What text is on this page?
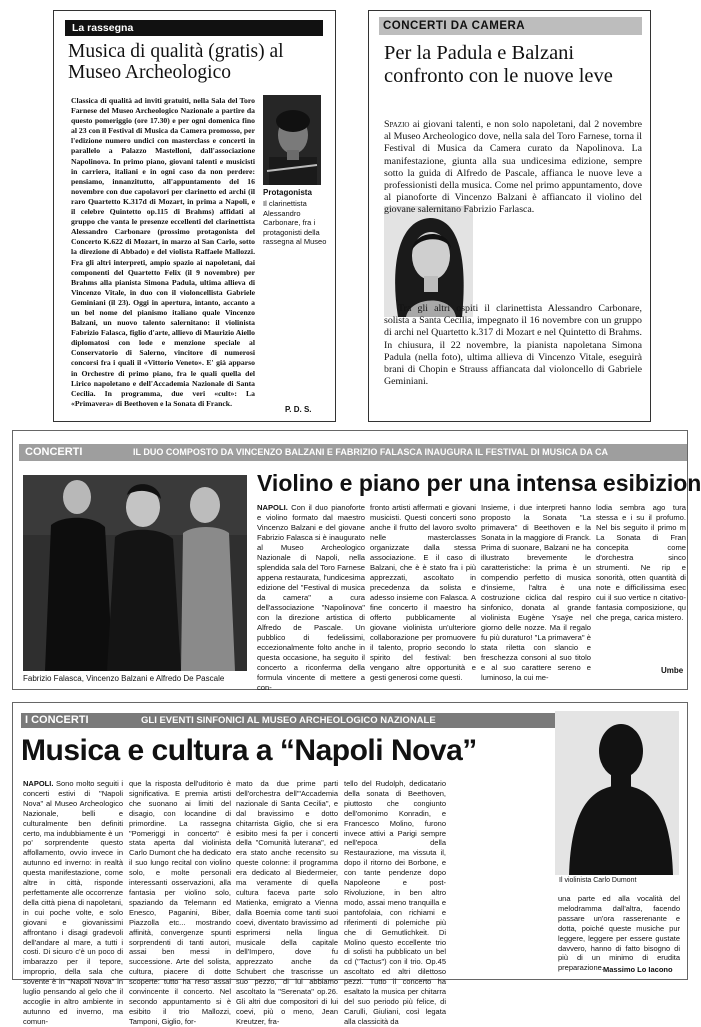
La rassegna
Musica di qualità (gratis) al Museo Archeologico
Classica di qualità ad inviti gratuiti, nella Sala del Toro Farnese del Museo Archeologico Nazionale a partire da questo pomeriggio (ore 17.30) e per ogni domenica fino al 23 con il Festival di Musica da Camera promosso, per l'edizione numero undici con masterclass e concerti in parallelo a Palazzo Mastelloni, dall'associazione Napolinova. In primo piano, giovani talenti e musicisti in carriera, italiani e in ogni caso da non perdere: pensiamo, innanzitutto, all'appuntamento del 16 novembre con due capolavori per clarinetto ed archi (il raro Quartetto K.317d di Mozart, in prima a Napoli, e il celebre Quintetto op.115 di Brahms) affidati al gruppo che vanta le presenze eccellenti del clarinettista Alessandro Carbonare (prossimo protagonista del Concerto K.622 di Mozart, in marzo al San Carlo, sotto la direzione di Abbado) e del violista Raffaele Mallozzi. Fra gli altri interpreti, ampio spazio ai napoletani, dai componenti del Quartetto Felix (il 9 novembre) per Brahms alla pianista Simona Padula, ultima allieva di Vincenzo Vitale, in duo con il violoncellista Gabriele Geminiani (il 23). Oggi in apertura, intanto, accanto a un bel nome del pianismo italiano quale Vincenzo Balzani, un nuovo talento salernitano: il violinista Fabrizio Falasca, figlio d'arte, allievo di Maurizio Aiello diplomatosi con lode e menzione speciale al Conservatorio di Salerno, vincitore di numerosi concorsi fra i quali il «Vittorio Veneto». E' già apparso in Orchestre di primo piano, fra le quali quella del Lirico napoletano e dell'Accademia Nazionale di Santa Cecilia. In programma, due veri «cult»: La «Primavera» di Beethoven e la Sonata di Franck.
Protagonista
Il clarinettista Alessandro Carbonare, fra i protagonisti della rassegna al Museo
P. D. S.
CONCERTI DA CAMERA
Per la Padula e Balzani confronto con le nuove leve
Spazio ai giovani talenti, e non solo napoletani, dal 2 novembre al Museo Archeologico dove, nella sala del Toro Farnese, torna il Festival di Musica da Camera curato da Napolinova. La manifestazione, giunta alla sua undicesima edizione, sempre sotto la guida di Alfredo de Pascale, affianca le nuove leve a professionisti della musica. Come nel primo appuntamento, dove al pianoforte di Vincenzo Balzani è affiancato il violino del giovane salernitano Fabrizio Farlasca.
Tra gli altri ospiti il clarinettista Alessandro Carbonare, solista a Santa Cecilia, impegnato il 16 novembre con un gruppo di archi nel Quartetto k.317 di Mozart e nel Quintetto di Brahms. In chiusura, il 22 novembre, la pianista napoletana Simona Padula (nella foto), ultima allieva di Vincenzo Vitale, eseguirà brani di Chopin e Strauss affiancata dal violoncello di Gabriele Geminiani.
CONCERTI	IL DUO COMPOSTO DA VINCENZO BALZANI E FABRIZIO FALASCA INAUGURA IL FESTIVAL DI MUSICA DA CA
Violino e piano per una intensa esibizion
Fabrizio Falasca, Vincenzo Balzani e Alfredo De Pascale
NAPOLI. Con il duo pianoforte e violino formato dal maestro Vincenzo Balzani e del giovane Fabrizio Falasca si è inaugurato al Museo Archeologico Nazionale di Napoli, nella splendida sala del Toro Farnese appena restaurata, l'undicesima edizione del "Festival di musica da camera" a cura dell'associazione "Napolinova" con la direzione artistica di Alfredo de Pascale. Un pubblico di fedelissimi, eccezionalmente folto anche in questa occasione, ha seguito il concerto a riconferma della formula vincente di mettere a con-
fronto artisti affermati e giovani musicisti. Questi concerti sono anche il frutto del lavoro svolto nelle masterclasses organizzate dalla stessa associazione. E il caso di Balzani, che è è stato fra i più apprezzati, ascoltato in precedenza da solista e adesso insieme con Falasca. A fine concerto il maestro ha offerto pubblicamente al giovane violinista un'ulteriore collaborazione per promuovere il talento, proprio secondo lo spirito del festival: ben vengano altre opportunità e gesti generosi come questi.
Insieme, i due interpreti hanno proposto la Sonata "La primavera" di Beethoven e la Sonata in la maggiore di Franck. Prima di suonare, Balzani ne ha illustrato brevemente le caratteristiche: la prima è un compendio perfetto di musica d'insieme, l'altra è una costruzione ciclica dal respiro sinfonico, donata al grande violinista Eugène Ysaÿe nel giorno delle nozze. Ma il regalo fu più duraturo! "La primavera" è stata riletta con slancio e freschezza consoni al suo titolo e al suo carattere sereno e luminoso, la cui me-
lodia sembra ago tura stessa e i su il profumo. Nel bis seguito il primo m La Sonata di Fran concepita come d'orchestra sinco strumenti. Ne rip e sonorità, otten quantità di note e difficilissima esec cui il suo vertice n citativo-fantasia composizione, qu che prega, carica mistero.
Umbe
I CONCERTI	GLI EVENTI SINFONICI AL MUSEO ARCHEOLOGICO NAZIONALE
Musica e cultura a “Napoli Nova”
NAPOLI. Sono molto seguiti i concerti estivi di "Napoli Nova" al Museo Archeologico Nazionale, belli e culturalmente ben definiti certo, ma indubbiamente è un po' sorprendente questo affollamento, ovvio invece in autunno ed inverno: in realtà questa manifestazione, come altre in città, risponde perfettamente alle occorrenze della città piena di napoletani, in cui poche volte, e solo giovani e giovanissimi affrontano i disagi gradevoli dell'andare al mare, a tutti i costi. Di sicuro c'è un poco di imbarazzo per il tepore, improprio, della sala che sovente è in "Napoli Nova" in luglio pensando al gelo che il accoglie in altro ambiente in autunno ed inverno, ma comun-
que la risposta dell'uditorio è significativa. E premia artisti che suonano ai limiti del disagio, con locandine di primordine. La rassegna "Pomeriggi in concerto" è stata aperta dal violinista Carlo Dumont che ha dedicato il suo lungo recital con violino solo, e molte personali interessanti osservazioni, alla fantasia per violino solo, spaziando da Telemann ed Enesco, Paganini, Biber, Piazzolla etc... mostrando affinità, convergenze spunti sorprendenti di tanti autori, assai ben messi in successione. Arte del solista, cultura, piacere di dotte scoperte: tutto ha reso assai convincente il concerto. Nel secondo appuntamento si è esibito il trio Mallozzi, Tamponi, Giglio, for-
mato da due prime parti dell'orchestra dell'"Accademia nazionale di Santa Cecilia", e dal bravissimo e dotto chitarrista Giglio, che si era esibito mesi fa per i concerti della "Comunità luterana", ed era stato anche recensito su queste colonne: il programma era dedicato al Biedermeier, ma veramente di quella cultura faceva parte solo Matienka, emigrato a Vienna dalla Boemia come tanti suoi coevi, diventato bravissimo ad esprimersi nella lingua musicale della capitale dell'Impero, dove fu apprezzato anche da Schubert che trascrisse un suo pezzo, di lui abbiamo ascoltato la "Serenata" op.26. Gli altri due compositori di lui coevi, più o meno, Jean Kreutzer, fra-
tello del Rudolph, dedicatario della sonata di Beethoven, piuttosto che congiunto dell'omonimo Konradin, e Francesco Molino, furono invece attivi a Parigi sempre nell'epoca della Restaurazione, ma vissuta il, dopo il ritorno dei Borbone, e con tante pendenze dopo Napoleone e post-Rivoluzione, in ben altro modo, assai meno tranquilla e pantofolaia, con richiami e riferimenti di polemiche più che di Gemutlichkeit. Di Molino questo eccellente trio di solisti ha pubblicato un bel cd ("Tactus") con il trio. Op.45 ascoltato ed altri dilettoso pezzi. Tutto il concerto ha esaltato la musica per chitarra del suo periodo più felice, di Carulli, Giuliani, così legata alla classicità da
Il violinista Carlo Dumont
una parte ed alla vocalità del melodramma dall'altra, facendo passare un'ora rasserenante e dotta, poiché queste musiche pur leggere, leggere per essere gustate davvero, hanno di fatto bisogno di più di un minimo di erudita preparazione. Massimo Lo Iacono
